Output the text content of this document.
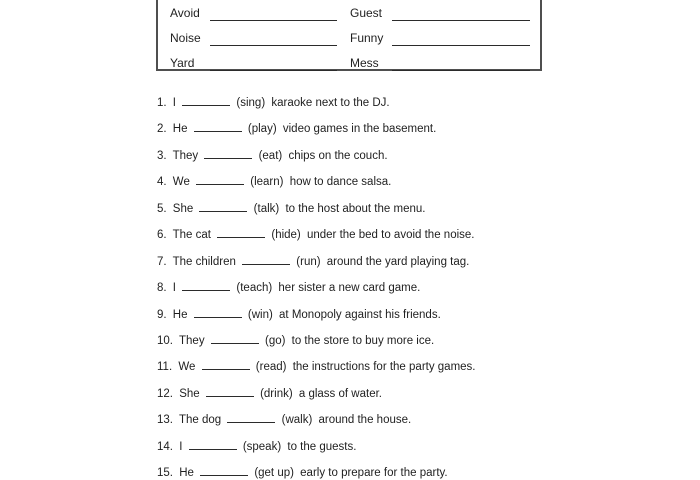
Avoid	Guest
Noise	Funny
Yard	Mess
1. I	(sing) karaoke next to the DJ.
2. He	(play) video games in the basement.
3. They	(eat) chips on the couch.
4. We	(learn) how to dance salsa.
5. She	(talk) to the host about the menu.
6. The cat	(hide) under the bed to avoid the noise.
7. The children	(run) around the yard playing tag.
8. I	(teach) her sister a new card game.
9. He	(win) at Monopoly against his friends.
10. They	(go) to the store to buy more ice.
11. We	(read) the instructions for the party games.
12. She	(drink) a glass of water.
13. The dog	(walk) around the house.
14. I	(speak) to the guests.
15. He	(get up) early to prepare for the party.
